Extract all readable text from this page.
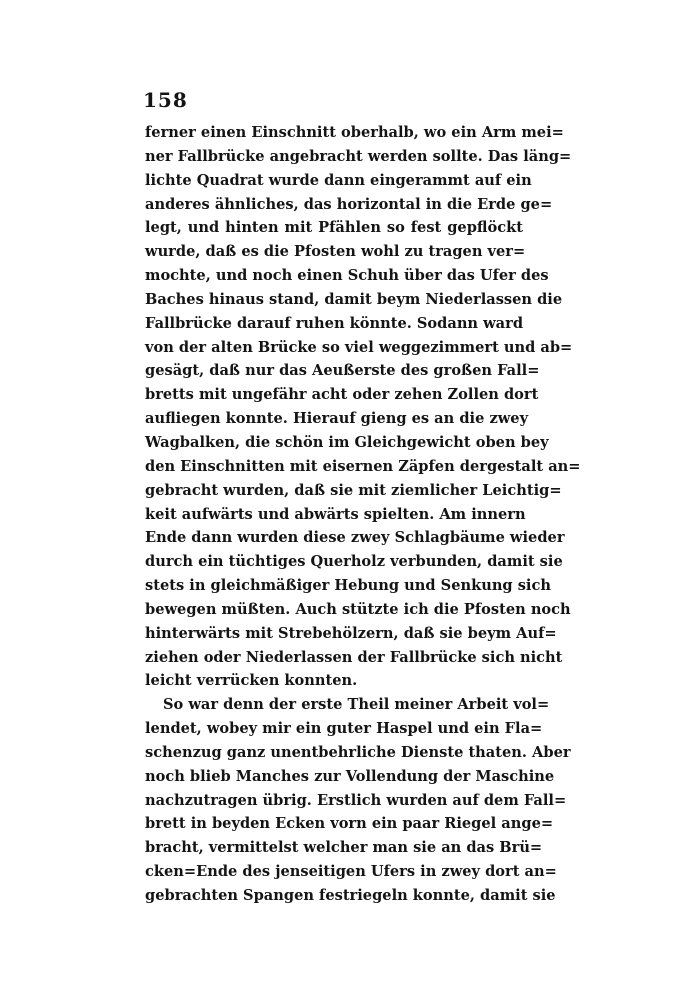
158
ferner einen Einschnitt oberhalb, wo ein Arm mei=
ner Fallbrücke angebracht werden sollte. Das läng=
lichte Quadrat wurde dann eingerammt auf ein
anderes ähnliches, das horizontal in die Erde ge=
legt, und hinten mit Pfählen so fest gepflöckt
wurde, daß es die Pfosten wohl zu tragen ver=
mochte, und noch einen Schuh über das Ufer des
Baches hinaus stand, damit beym Niederlassen die
Fallbrücke darauf ruhen könnte. Sodann ward
von der alten Brücke so viel weggezimmert und ab=
gesägt, daß nur das Aeußerste des großen Fall=
bretts mit ungefähr acht oder zehen Zollen dort
aufliegen konnte. Hierauf gieng es an die zwey
Wagbalken, die schön im Gleichgewicht oben bey
den Einschnitten mit eisernen Zäpfen dergestalt an=
gebracht wurden, daß sie mit ziemlicher Leichtig=
keit aufwärts und abwärts spielten. Am innern
Ende dann wurden diese zwey Schlagbäume wieder
durch ein tüchtiges Querholz verbunden, damit sie
stets in gleichmäßiger Hebung und Senkung sich
bewegen müßten. Auch stützte ich die Pfosten noch
hinterwärts mit Strebehölzern, daß sie beym Auf=
ziehen oder Niederlassen der Fallbrücke sich nicht
leicht verrücken konnten.
So war denn der erste Theil meiner Arbeit vol=
lendet, wobey mir ein guter Haspel und ein Fla=
schenzug ganz unentbehrliche Dienste thaten. Aber
noch blieb Manches zur Vollendung der Maschine
nachzutragen übrig. Erstlich wurden auf dem Fall=
brett in beyden Ecken vorn ein paar Riegel ange=
bracht, vermittelst welcher man sie an das Brü=
cken=Ende des jenseitigen Ufers in zwey dort an=
gebrachten Spangen festriegeln konnte, damit sie
